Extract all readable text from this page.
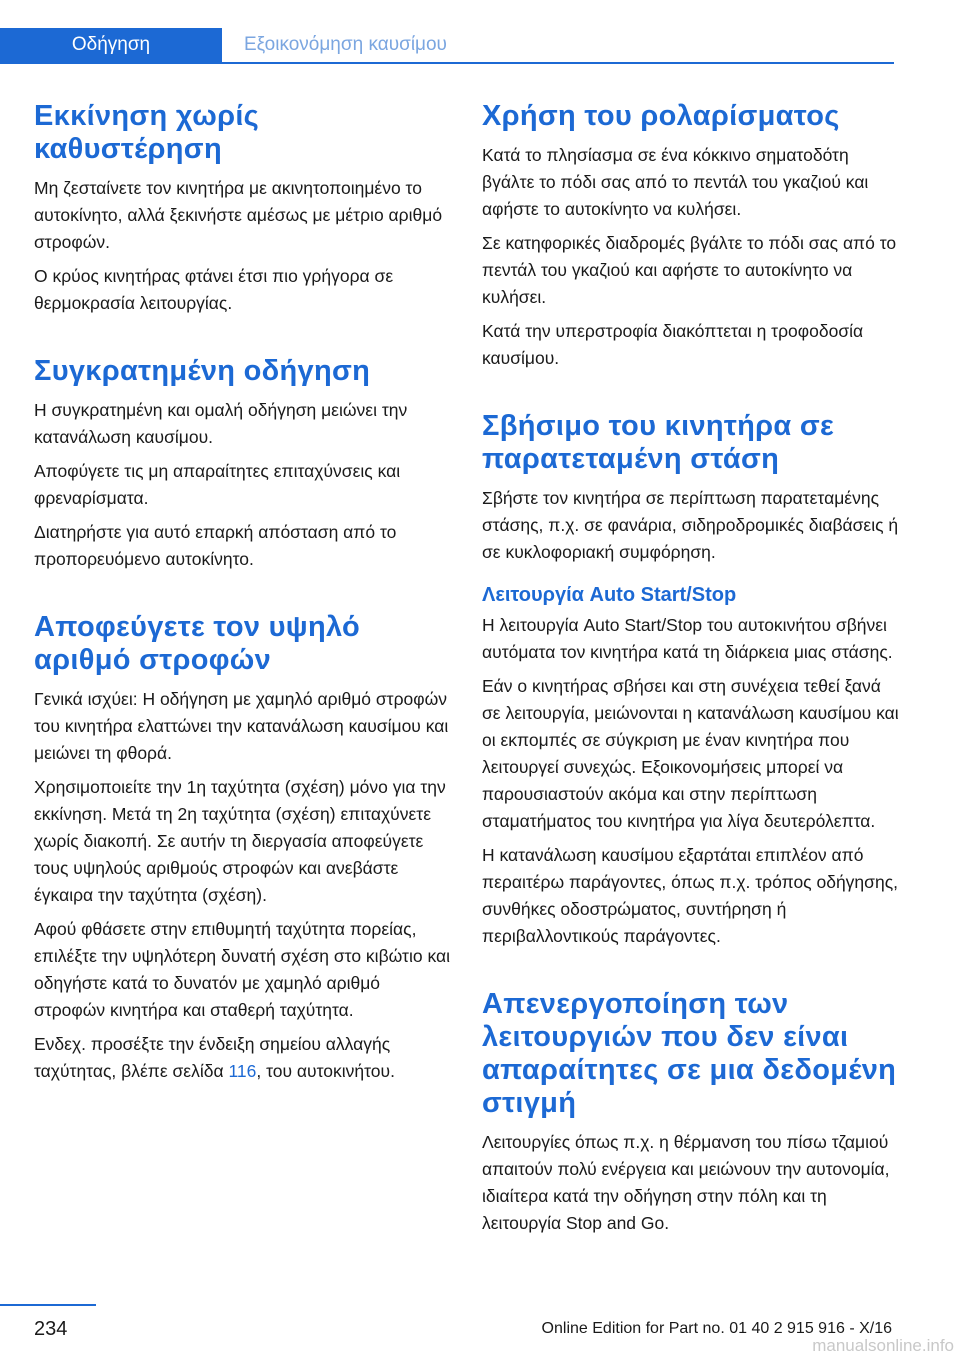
Οδήγηση	Εξοικονόμηση καυσίμου
Εκκίνηση χωρίς καθυστέρηση

Μη ζεσταίνετε τον κινητήρα με ακινητοποιημένο το αυτοκίνητο, αλλά ξεκινήστε αμέσως με μέτριο αριθμό στροφών.

Ο κρύος κινητήρας φτάνει έτσι πιο γρήγορα σε θερμοκρασία λειτουργίας.

Συγκρατημένη οδήγηση

Η συγκρατημένη και ομαλή οδήγηση μειώνει την κατανάλωση καυσίμου.

Αποφύγετε τις μη απαραίτητες επιταχύνσεις και φρεναρίσματα.

Διατηρήστε για αυτό επαρκή απόσταση από το προπορευόμενο αυτοκίνητο.

Αποφεύγετε τον υψηλό αριθμό στροφών

Γενικά ισχύει: Η οδήγηση με χαμηλό αριθμό στροφών του κινητήρα ελαττώνει την κατανάλωση καυσίμου και μειώνει τη φθορά.

Χρησιμοποιείτε την 1η ταχύτητα (σχέση) μόνο για την εκκίνηση. Μετά τη 2η ταχύτητα (σχέση) επιταχύνετε χωρίς διακοπή. Σε αυτήν τη διεργασία αποφεύγετε τους υψηλούς αριθμούς στροφών και ανεβάστε έγκαιρα την ταχύτητα (σχέση).

Αφού φθάσετε στην επιθυμητή ταχύτητα πορείας, επιλέξτε την υψηλότερη δυνατή σχέση στο κιβώτιο και οδηγήστε κατά το δυνατόν με χαμηλό αριθμό στροφών κινητήρα και σταθερή ταχύτητα.

Ενδεχ. προσέξτε την ένδειξη σημείου αλλαγής ταχύτητας, βλέπε σελίδα 116, του αυτοκινήτου.

Χρήση του ρολαρίσματος

Κατά το πλησίασμα σε ένα κόκκινο σηματοδότη βγάλτε το πόδι σας από το πεντάλ του γκαζιού και αφήστε το αυτοκίνητο να κυλήσει.

Σε κατηφορικές διαδρομές βγάλτε το πόδι σας από το πεντάλ του γκαζιού και αφήστε το αυτοκίνητο να κυλήσει.

Κατά την υπερστροφία διακόπτεται η τροφοδοσία καυσίμου.

Σβήσιμο του κινητήρα σε παρατεταμένη στάση

Σβήστε τον κινητήρα σε περίπτωση παρατεταμένης στάσης, π.χ. σε φανάρια, σιδηροδρομικές διαβάσεις ή σε κυκλοφοριακή συμφόρηση.

Λειτουργία Auto Start/Stop

Η λειτουργία Auto Start/Stop του αυτοκινήτου σβήνει αυτόματα τον κινητήρα κατά τη διάρκεια μιας στάσης.

Εάν ο κινητήρας σβήσει και στη συνέχεια τεθεί ξανά σε λειτουργία, μειώνονται η κατανάλωση καυσίμου και οι εκπομπές σε σύγκριση με έναν κινητήρα που λειτουργεί συνεχώς. Εξοικονομήσεις μπορεί να παρουσιαστούν ακόμα και στην περίπτωση σταματήματος του κινητήρα για λίγα δευτερόλεπτα.

Η κατανάλωση καυσίμου εξαρτάται επιπλέον από περαιτέρω παράγοντες, όπως π.χ. τρόπος οδήγησης, συνθήκες οδοστρώματος, συντήρηση ή περιβαλλοντικούς παράγοντες.

Απενεργοποίηση των λειτουργιών που δεν είναι απαραίτητες σε μια δεδομένη στιγμή

Λειτουργίες όπως π.χ. η θέρμανση του πίσω τζαμιού απαιτούν πολύ ενέργεια και μειώνουν την αυτονομία, ιδιαίτερα κατά την οδήγηση στην πόλη και τη λειτουργία Stop and Go.

234	Online Edition for Part no. 01 40 2 915 916 - X/16
manualsonline.info
